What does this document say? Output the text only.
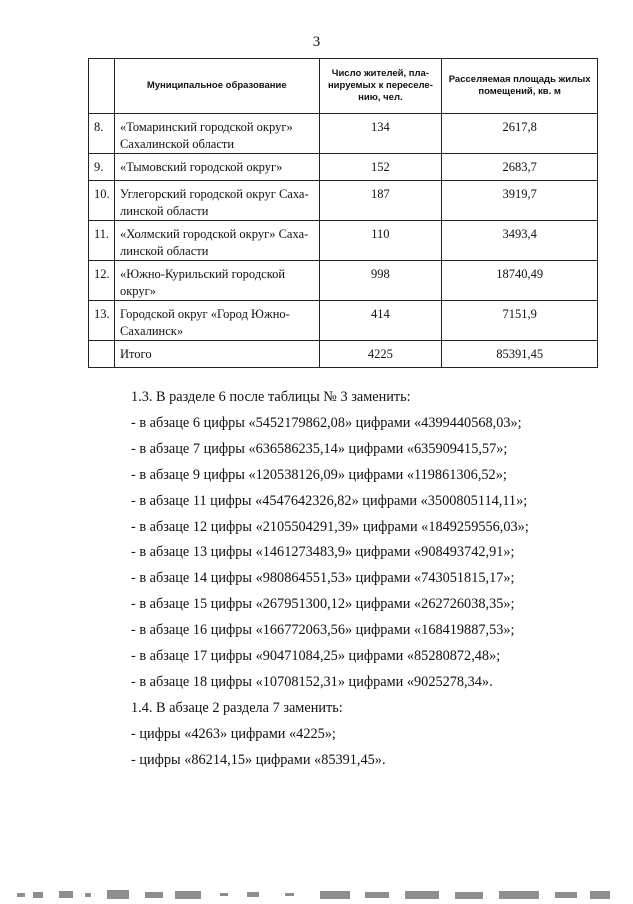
3
	Муниципальное образование	Число жителей, пла- нируемых к переселе- нию, чел.	Расселяемая площадь жилых помещений, кв. м
8.	«Томаринский городской округ» Сахалинской области	134	2617,8
9.	«Тымовский городской округ»	152	2683,7
10.	Углегорский городской округ Саха- линской области	187	3919,7
11.	«Холмский городской округ» Саха- линской области	110	3493,4
12.	«Южно-Курильский городской округ»	998	18740,49
13.	Городской округ «Город Южно- Сахалинск»	414	7151,9
	Итого	4225	85391,45

1.3. В разделе 6 после таблицы № 3 заменить:

- в абзаце 6 цифры «5452179862,08» цифрами «4399440568,03»;

- в абзаце 7 цифры «636586235,14» цифрами «635909415,57»;

- в абзаце 9 цифры «120538126,09» цифрами «119861306,52»;

- в абзаце 11 цифры «4547642326,82» цифрами «3500805114,11»;

- в абзаце 12 цифры «2105504291,39» цифрами «1849259556,03»;

- в абзаце 13 цифры «1461273483,9» цифрами «908493742,91»;

- в абзаце 14 цифры «980864551,53» цифрами «743051815,17»;

- в абзаце 15 цифры «267951300,12» цифрами «262726038,35»;

- в абзаце 16 цифры «166772063,56» цифрами «168419887,53»;

- в абзаце 17 цифры «90471084,25» цифрами «85280872,48»;

- в абзаце 18 цифры «10708152,31» цифрами «9025278,34».

1.4. В абзаце 2 раздела 7 заменить:

- цифры «4263» цифрами «4225»;

- цифры «86214,15» цифрами «85391,45».
